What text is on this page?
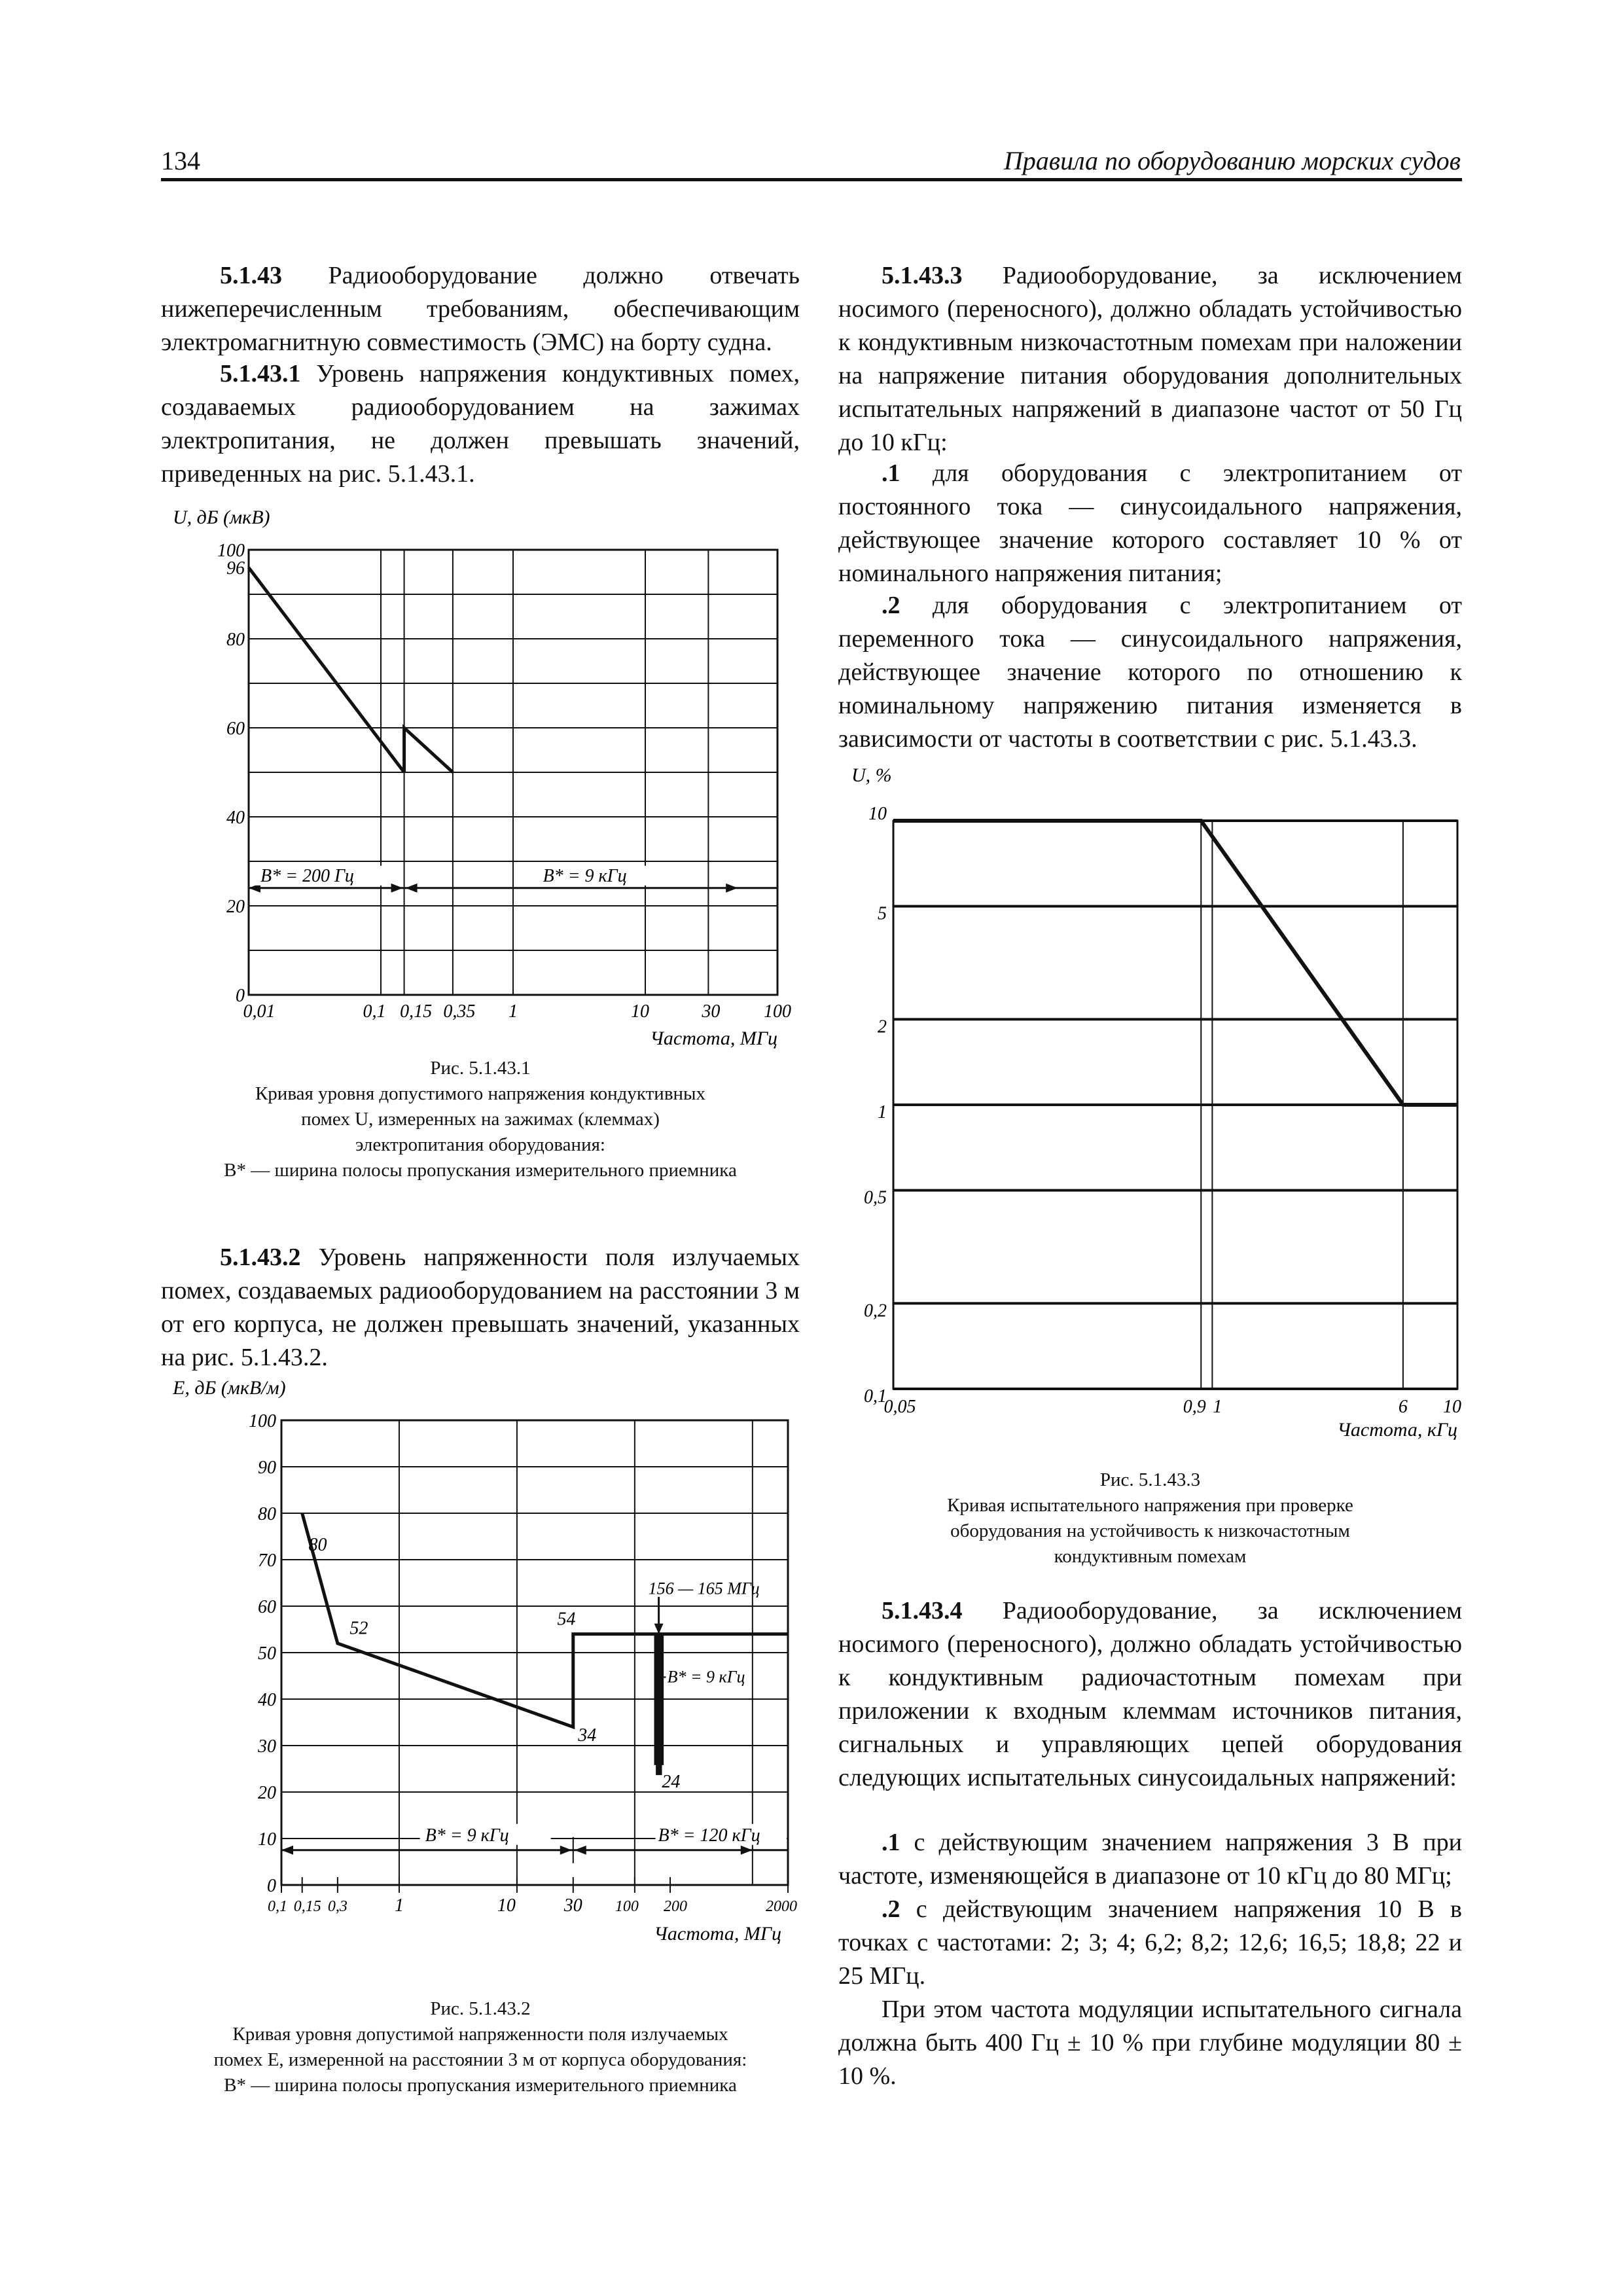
134	Правила по оборудованию морских судов

5.1.43 Радиооборудование должно отвечать нижеперечисленным требованиям, обеспечивающим электромагнитную совместимость (ЭМС) на борту судна.

5.1.43.1 Уровень напряжения кондуктивных помех, создаваемых радиооборудованием на зажимах электропитания, не должен превышать значений, приведенных на рис. 5.1.43.1.

U, дБ (мкВ)
0
20
40
60
80
96
100
0,01	0,1 0,15 0,35 1	10	30 100
Частота, МГц
B* = 200 Гц	B* = 9 кГц
Рис. 5.1.43.1
Кривая уровня допустимого напряжения кондуктивных
помех U, измеренных на зажимах (клеммах)
электропитания оборудования:
B* — ширина полосы пропускания измерительного приемника

5.1.43.2 Уровень напряженности поля излучаемых помех, создаваемых радиооборудованием на расстоянии 3 м от его корпуса, не должен превышать значений, указанных на рис. 5.1.43.2.

E, дБ (мкВ/м)
0
10
20
30
40
50
60
70
80
90
100
0,1 0,15 0,3	1	10	30 100 200	2000
Частота, МГц
80
52
34
54
24
156 — 165 МГц
B* = 9 кГц
B* = 9 кГц	B* = 120 кГц
Рис. 5.1.43.2
Кривая уровня допустимой напряженности поля излучаемых
помех E, измеренной на расстоянии 3 м от корпуса оборудования:
B* — ширина полосы пропускания измерительного приемника

5.1.43.3 Радиооборудование, за исключением носимого (переносного), должно обладать устойчивостью к кондуктивным низкочастотным помехам при наложении на напряжение питания оборудования дополнительных испытательных напряжений в диапазоне частот от 50 Гц до 10 кГц:

.1 для оборудования с электропитанием от постоянного тока — синусоидального напряжения, действующее значение которого составляет 10 % от номинального напряжения питания;

.2 для оборудования с электропитанием от переменного тока — синусоидального напряжения, действующее значение которого по отношению к номинальному напряжению питания изменяется в зависимости от частоты в соответствии с рис. 5.1.43.3.

U, %
0,1
0,2
0,5
1
2
5
10
0,05	0,9 1	6 10
Частота, кГц
Рис. 5.1.43.3
Кривая испытательного напряжения при проверке
оборудования на устойчивость к низкочастотным
кондуктивным помехам

5.1.43.4 Радиооборудование, за исключением носимого (переносного), должно обладать устойчивостью к кондуктивным радиочастотным помехам при приложении к входным клеммам источников питания, сигнальных и управляющих цепей оборудования следующих испытательных синусоидальных напряжений:

.1 с действующим значением напряжения 3 В при частоте, изменяющейся в диапазоне от 10 кГц до 80 МГц;

.2 с действующим значением напряжения 10 В в точках с частотами: 2; 3; 4; 6,2; 8,2; 12,6; 16,5; 18,8; 22 и 25 МГц.

При этом частота модуляции испытательного сигнала должна быть 400 Гц ± 10 % при глубине модуляции 80 ± 10 %.
